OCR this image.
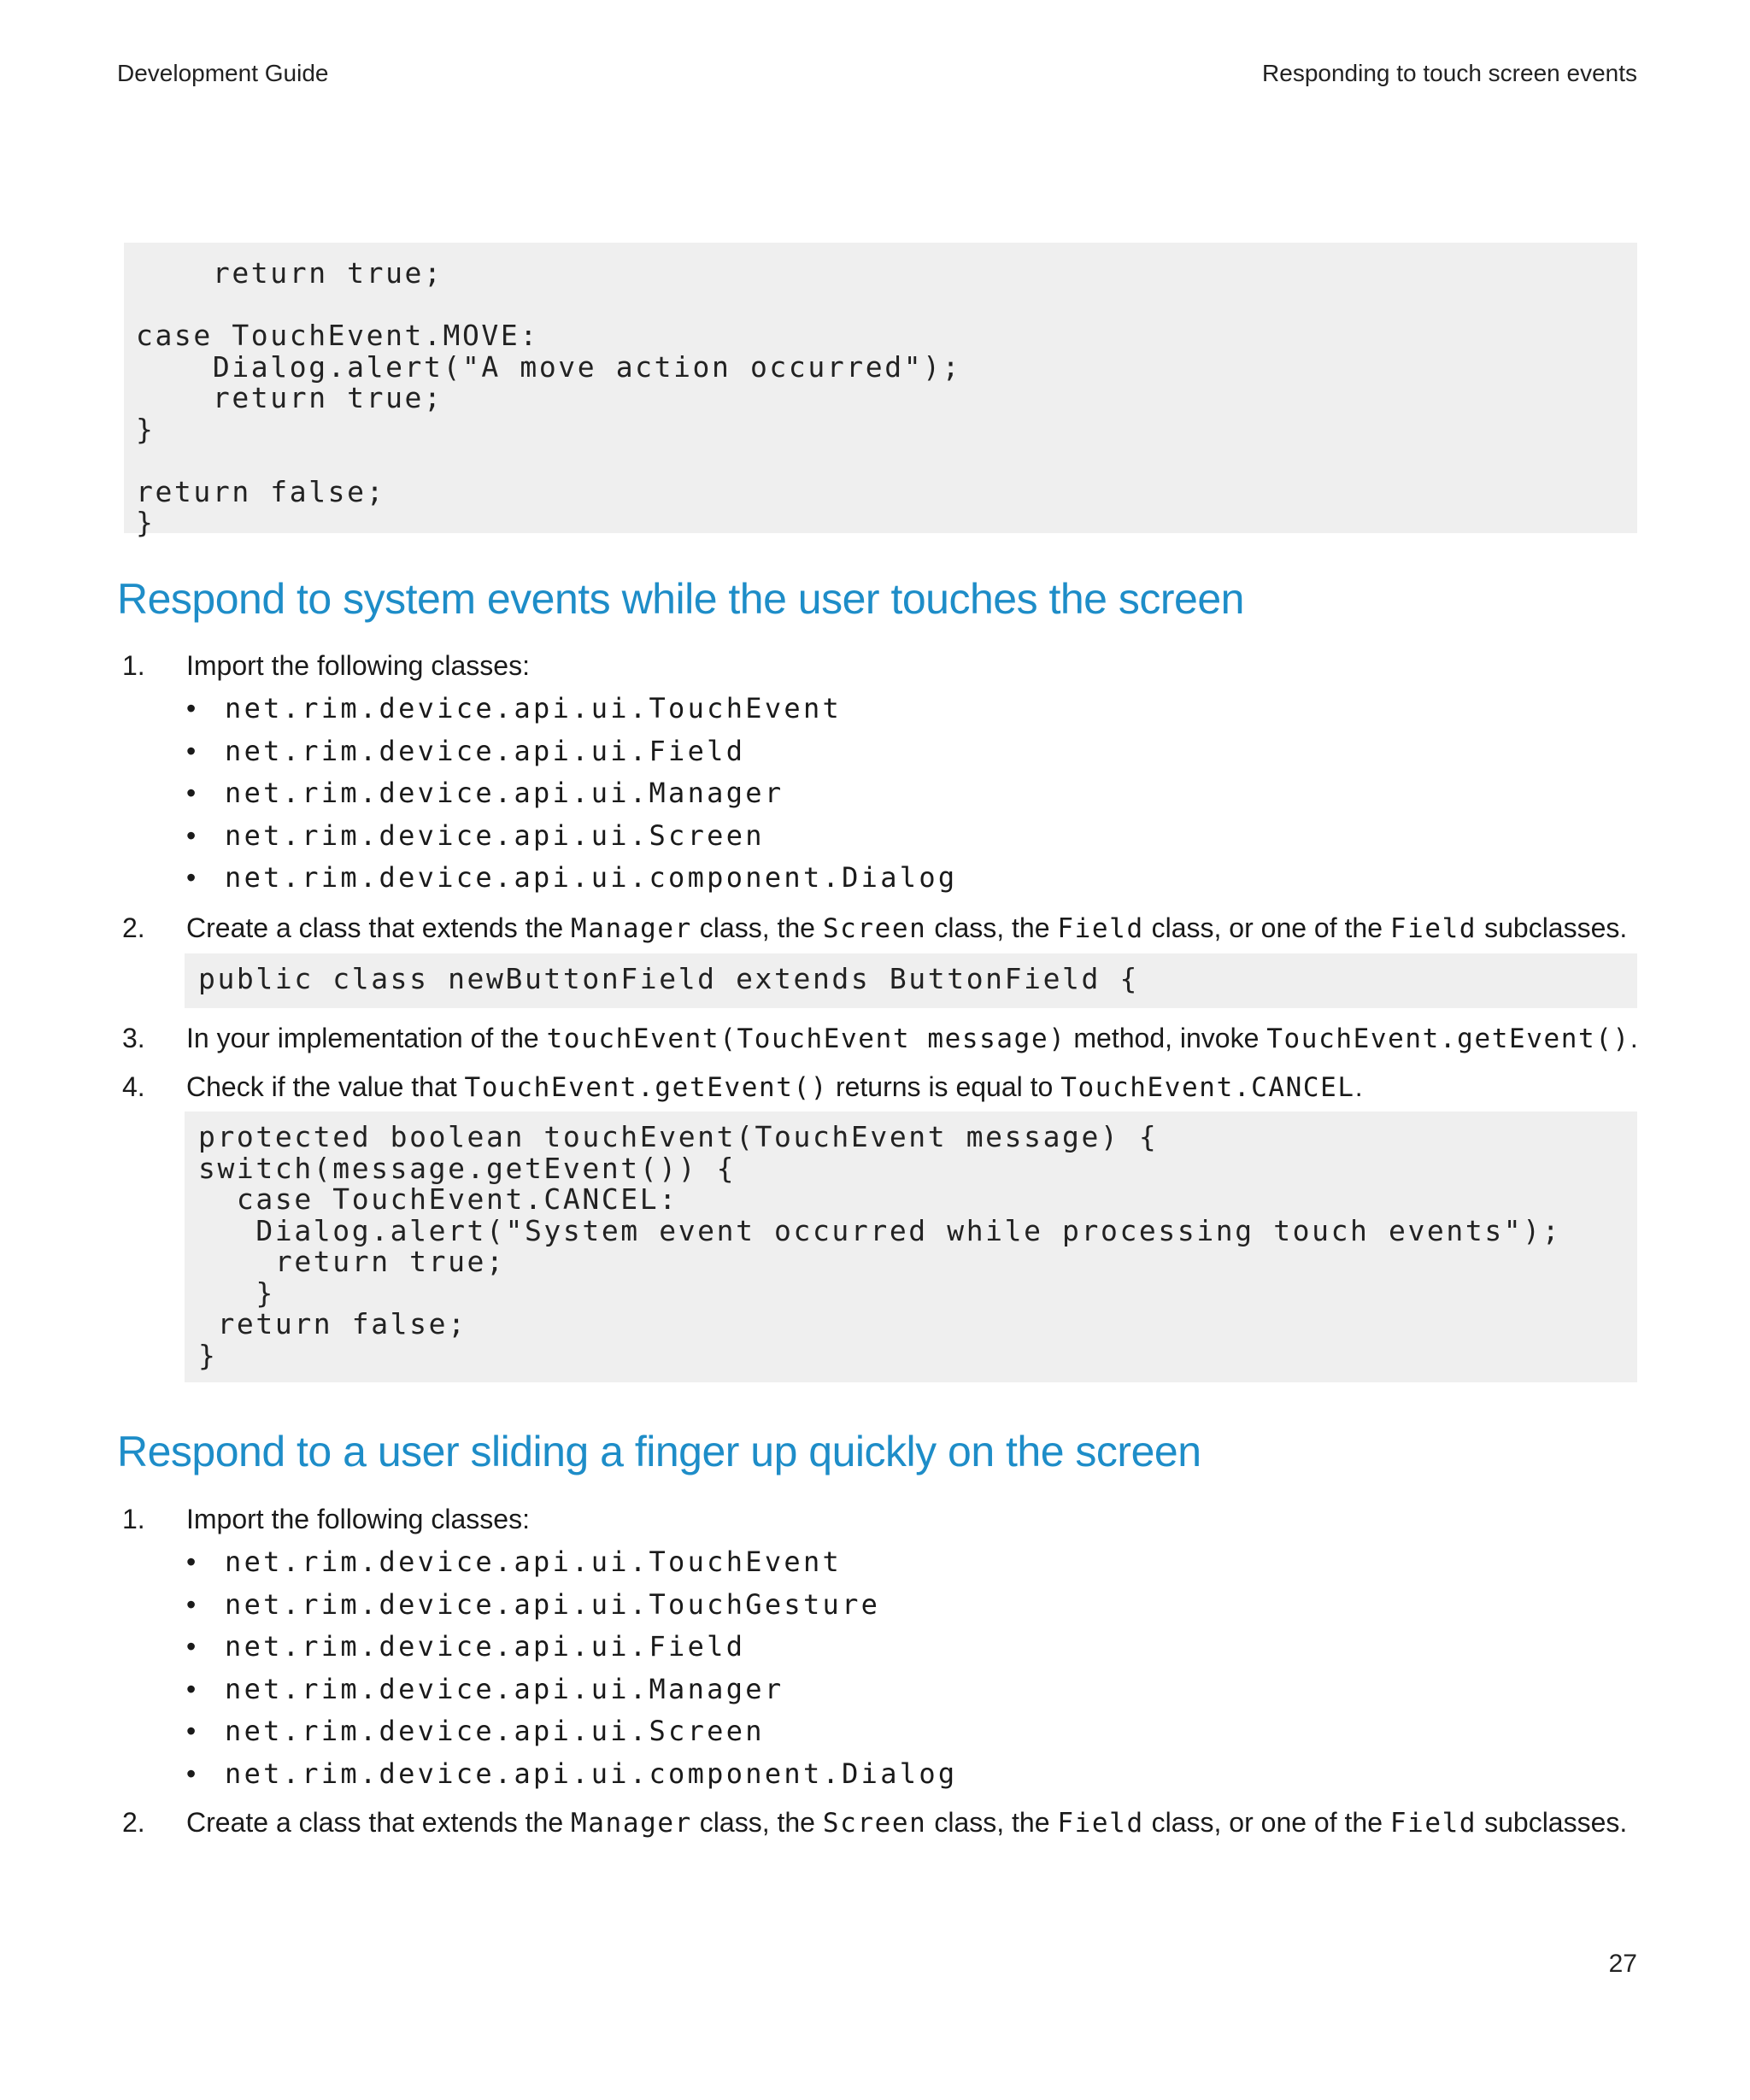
Development Guide	Responding to touch screen events
return true;
case TouchEvent.MOVE:
Dialog.alert("A move action occurred");
return true;
}
return false;
}
Respond to system events while the user touches the screen
1. Import the following classes:
• net.rim.device.api.ui.TouchEvent
• net.rim.device.api.ui.Field
• net.rim.device.api.ui.Manager
• net.rim.device.api.ui.Screen
• net.rim.device.api.ui.component.Dialog
2. Create a class that extends the Manager class, the Screen class, the Field class, or one of the Field subclasses.
public class newButtonField extends ButtonField {
3. In your implementation of the touchEvent(TouchEvent message) method, invoke TouchEvent.getEvent().
4. Check if the value that TouchEvent.getEvent() returns is equal to TouchEvent.CANCEL.
protected boolean touchEvent(TouchEvent message) {
switch(message.getEvent()) {
case TouchEvent.CANCEL:
Dialog.alert("System event occurred while processing touch events");
return true;
}
return false;
}
Respond to a user sliding a finger up quickly on the screen
1. Import the following classes:
• net.rim.device.api.ui.TouchEvent
• net.rim.device.api.ui.TouchGesture
• net.rim.device.api.ui.Field
• net.rim.device.api.ui.Manager
• net.rim.device.api.ui.Screen
• net.rim.device.api.ui.component.Dialog
2. Create a class that extends the Manager class, the Screen class, the Field class, or one of the Field subclasses.
27
